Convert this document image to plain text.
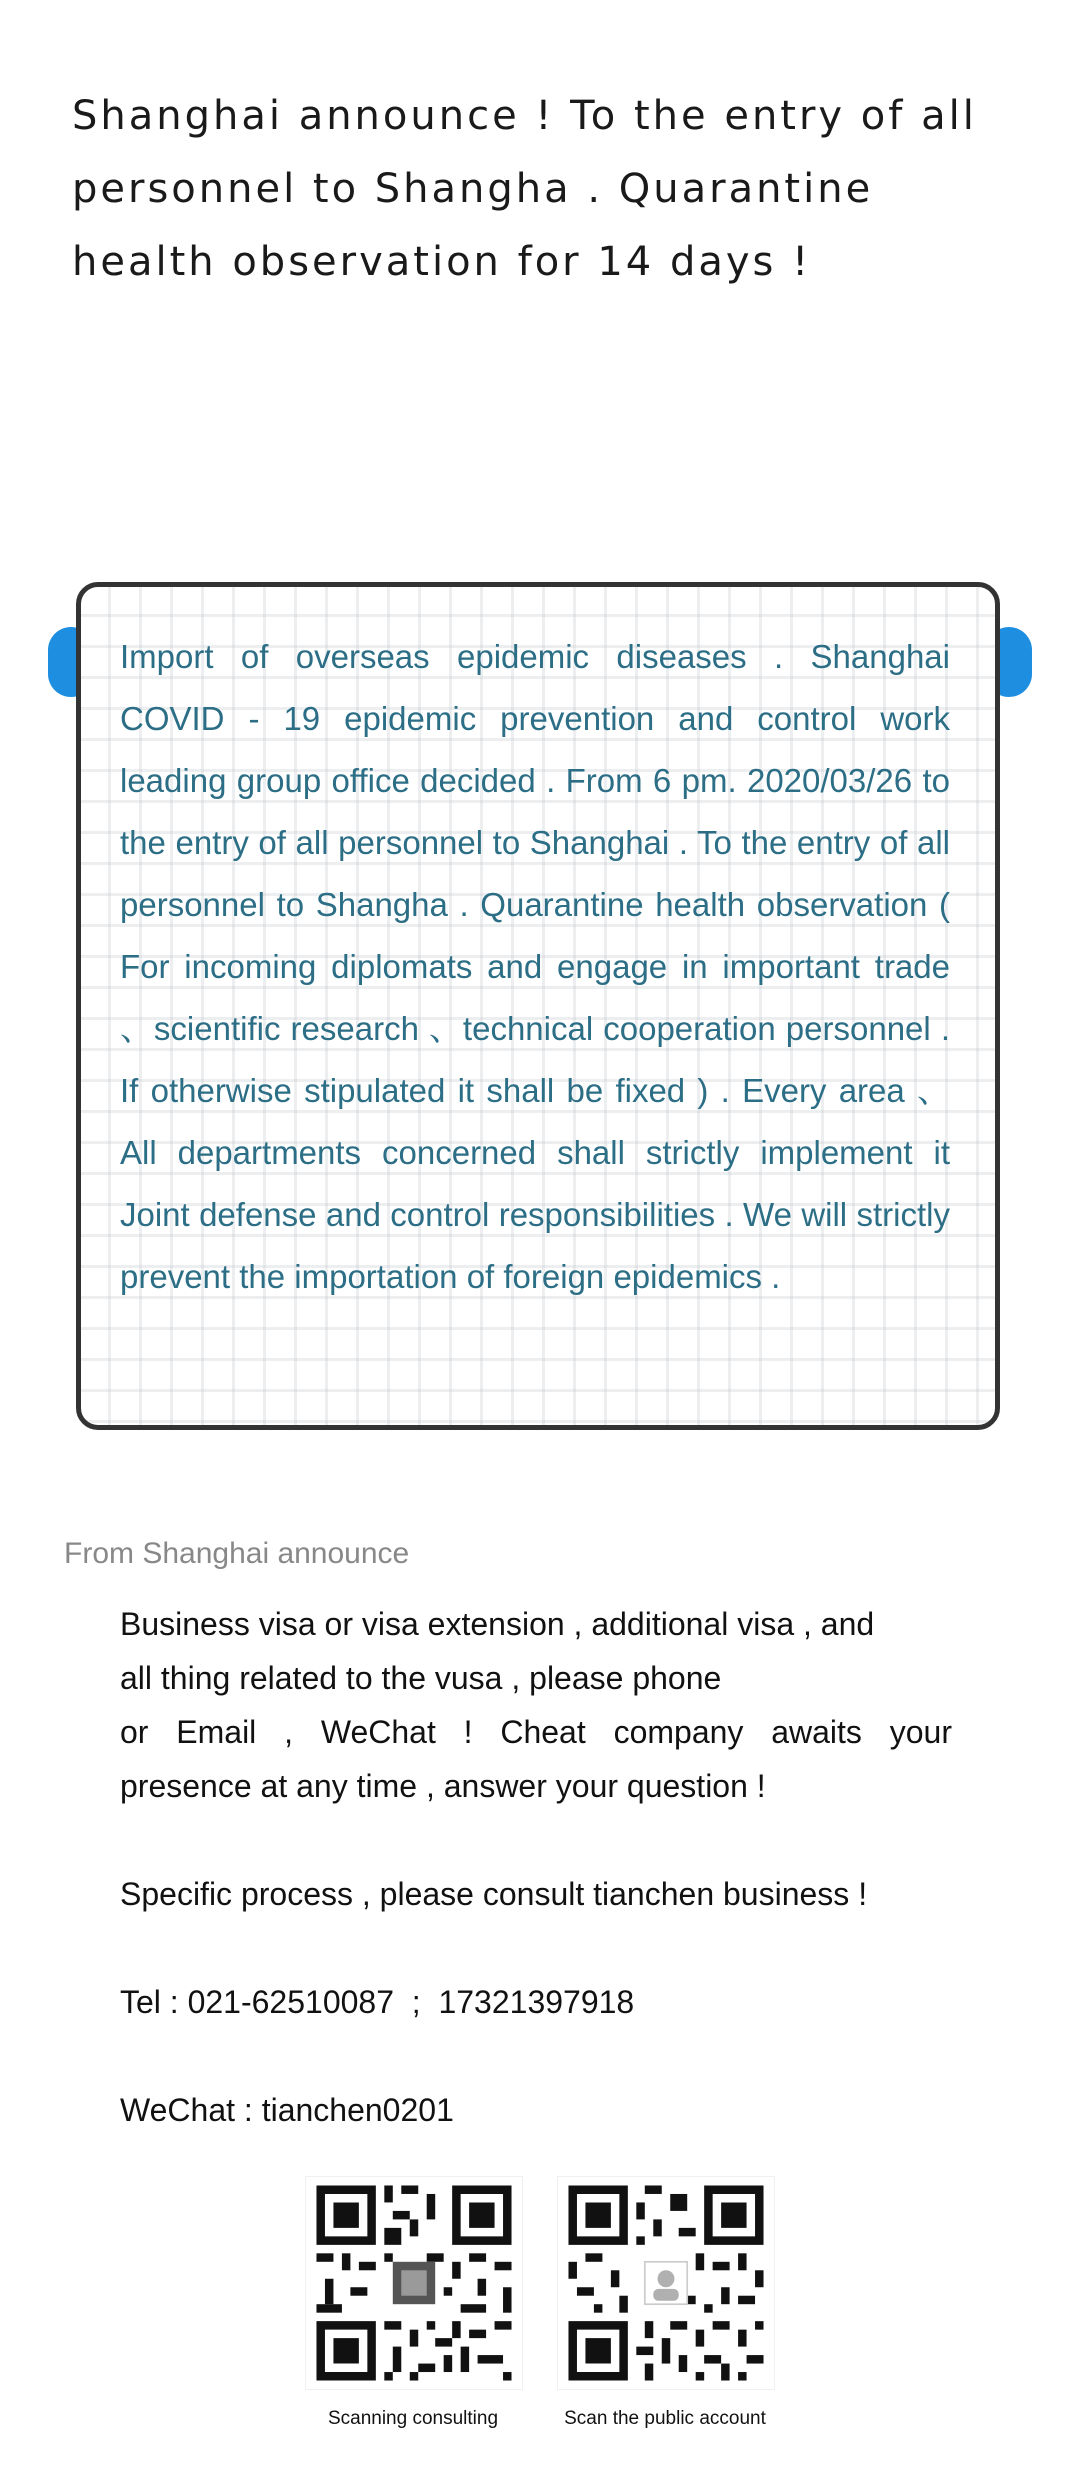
Shanghai announce ! To the entry of all personnel to Shangha . Quarantine health observation for 14 days !

Import of overseas epidemic diseases . Shanghai COVID - 19 epidemic prevention and control work leading group office decided . From 6 pm. 2020/03/26 to the entry of all personnel to Shanghai . To the entry of all personnel to Shangha . Quarantine health observation ( For incoming diplomats and engage in important trade 、scientific research 、technical cooperation personnel . If otherwise stipulated it shall be fixed ) . Every area 、All departments concerned shall strictly implement it Joint defense and control responsibilities . We will strictly prevent the importation of foreign epidemics .

From Shanghai announce

Business visa or visa extension , additional visa , and
all thing related to the vusa , please phone
or Email , WeChat ! Cheat company awaits your
presence at any time , answer your question !

Specific process , please consult tianchen business !

Tel : 021-62510087  ;  17321397918

WeChat : tianchen0201

Scanning consulting	Scan the public account
